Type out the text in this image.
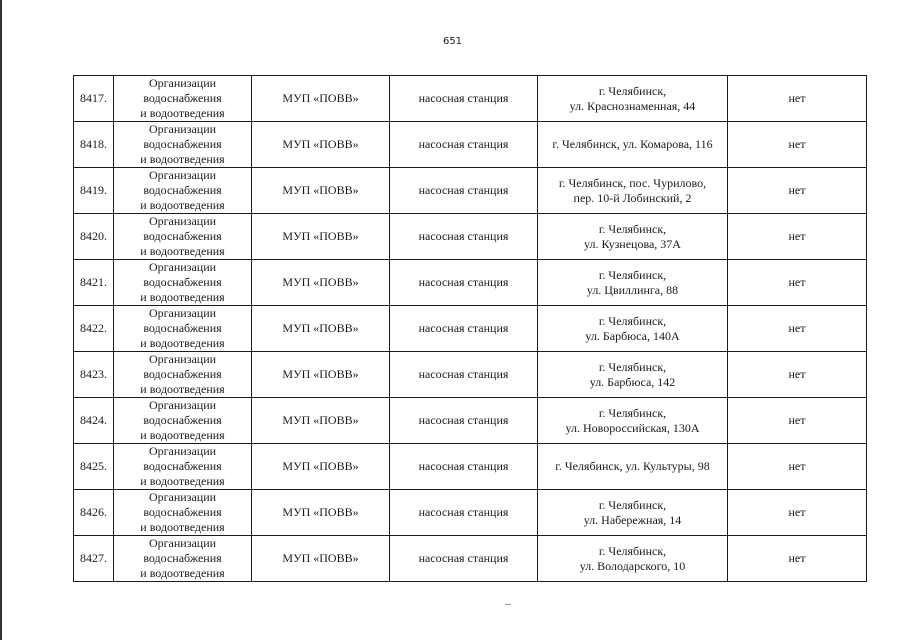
651
8417.	Организации
водоснабжения
и водоотведения	МУП «ПОВВ»	насосная станция	г. Челябинск,
ул. Краснознаменная, 44	нет
8418.	Организации
водоснабжения
и водоотведения	МУП «ПОВВ»	насосная станция	г. Челябинск, ул. Комарова, 116	нет
8419.	Организации
водоснабжения
и водоотведения	МУП «ПОВВ»	насосная станция	г. Челябинск, пос. Чурилово,
пер. 10-й Лобинский, 2	нет
8420.	Организации
водоснабжения
и водоотведения	МУП «ПОВВ»	насосная станция	г. Челябинск,
ул. Кузнецова, 37А	нет
8421.	Организации
водоснабжения
и водоотведения	МУП «ПОВВ»	насосная станция	г. Челябинск,
ул. Цвиллинга, 88	нет
8422.	Организации
водоснабжения
и водоотведения	МУП «ПОВВ»	насосная станция	г. Челябинск,
ул. Барбюса, 140А	нет
8423.	Организации
водоснабжения
и водоотведения	МУП «ПОВВ»	насосная станция	г. Челябинск,
ул. Барбюса, 142	нет
8424.	Организации
водоснабжения
и водоотведения	МУП «ПОВВ»	насосная станция	г. Челябинск,
ул. Новороссийская, 130А	нет
8425.	Организации
водоснабжения
и водоотведения	МУП «ПОВВ»	насосная станция	г. Челябинск, ул. Культуры, 98	нет
8426.	Организации
водоснабжения
и водоотведения	МУП «ПОВВ»	насосная станция	г. Челябинск,
ул. Набережная, 14	нет
8427.	Организации
водоснабжения
и водоотведения	МУП «ПОВВ»	насосная станция	г. Челябинск,
ул. Володарского, 10	нет
